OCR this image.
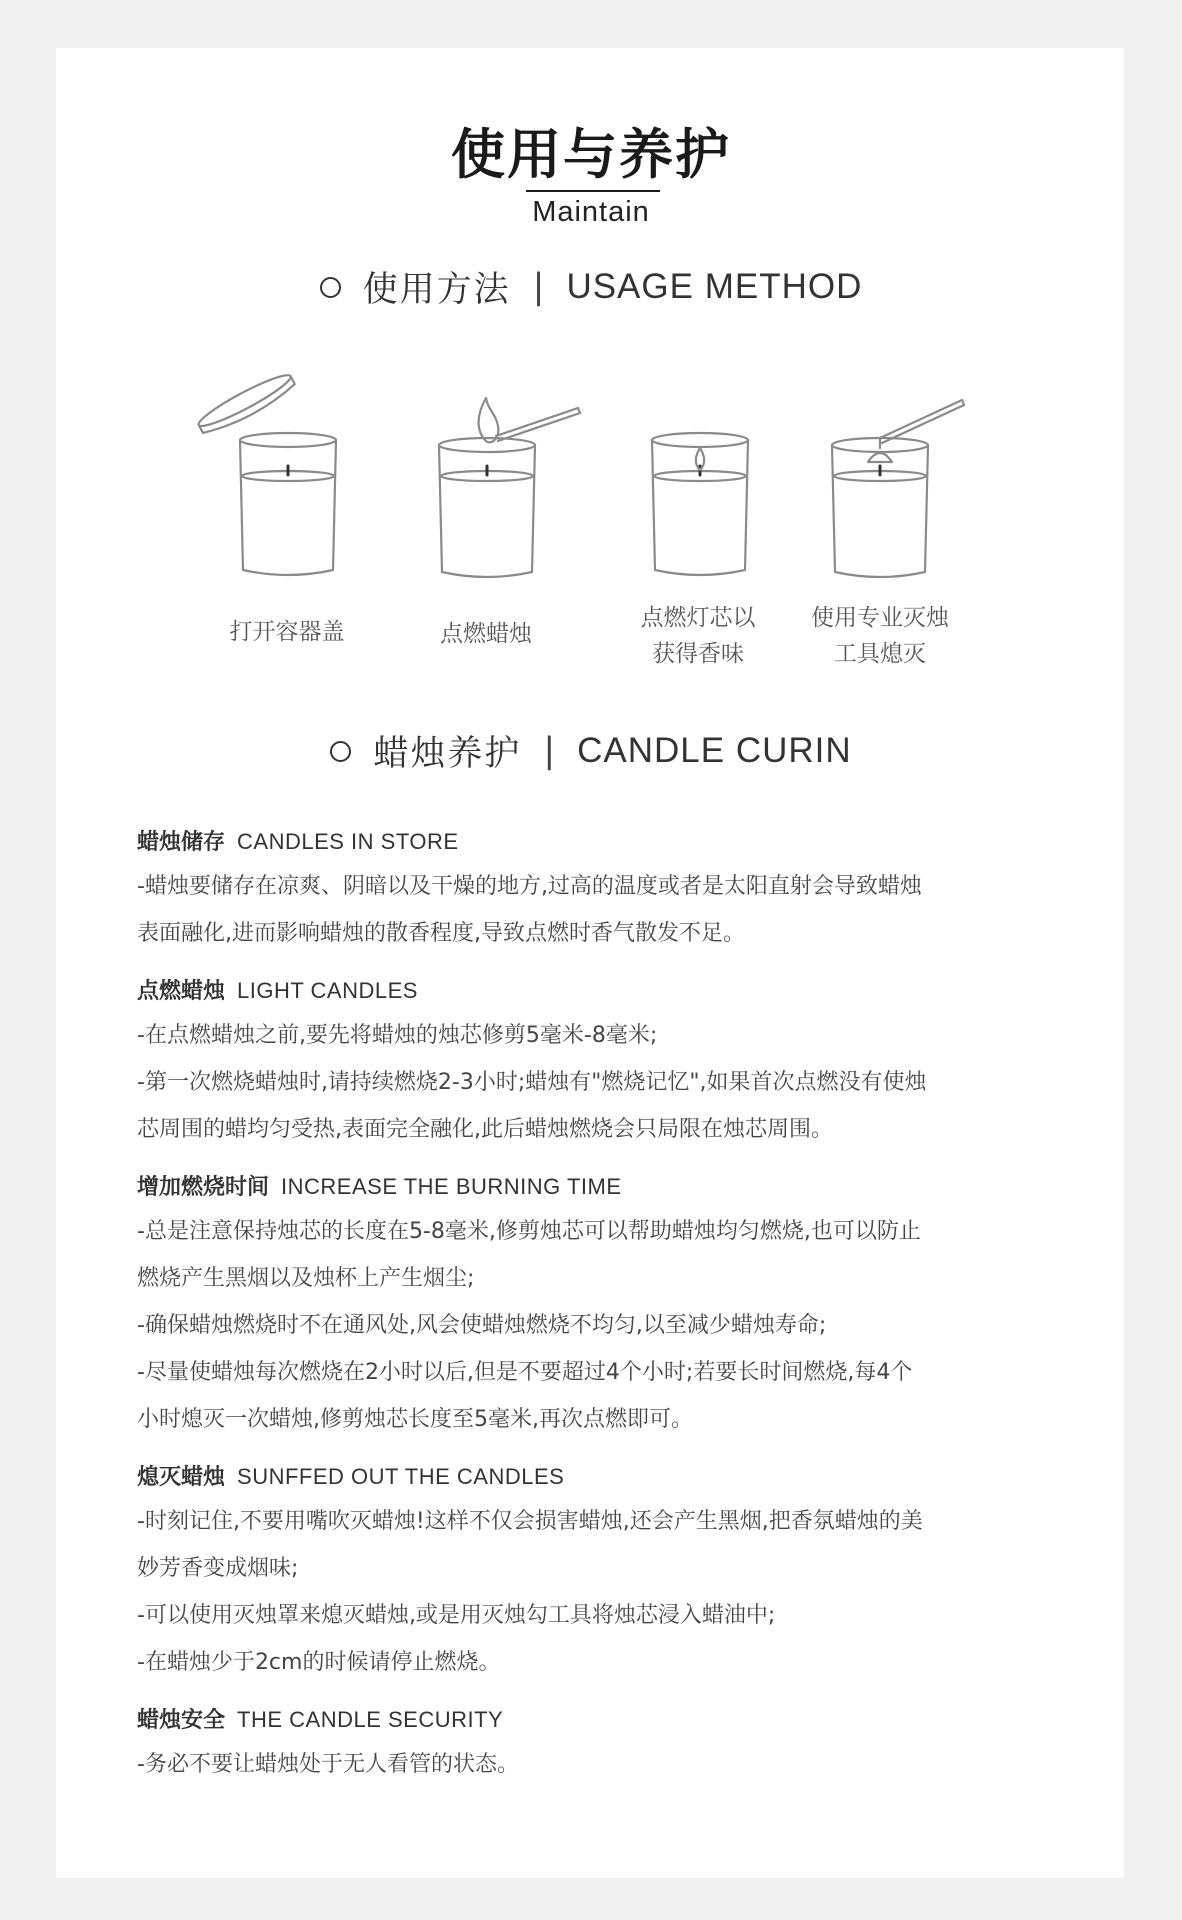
使用与养护
Maintain
使用方法 | USAGE METHOD
打开容器盖	点燃蜡烛
点燃灯芯以
获得香味
使用专业灭烛
工具熄灭
蜡烛养护 | CANDLE CURIN
蜡烛储存 CANDLES IN STORE
-蜡烛要储存在凉爽、阴暗以及干燥的地方,过高的温度或者是太阳直射会导致蜡烛
表面融化,进而影响蜡烛的散香程度,导致点燃时香气散发不足。
点燃蜡烛 LIGHT CANDLES
-在点燃蜡烛之前,要先将蜡烛的烛芯修剪5毫米-8毫米;
-第一次燃烧蜡烛时,请持续燃烧2-3小时;蜡烛有"燃烧记忆",如果首次点燃没有使烛
芯周围的蜡均匀受热,表面完全融化,此后蜡烛燃烧会只局限在烛芯周围。
增加燃烧时间 INCREASE THE BURNING TIME
-总是注意保持烛芯的长度在5-8毫米,修剪烛芯可以帮助蜡烛均匀燃烧,也可以防止
燃烧产生黑烟以及烛杯上产生烟尘;
-确保蜡烛燃烧时不在通风处,风会使蜡烛燃烧不均匀,以至减少蜡烛寿命;
-尽量使蜡烛每次燃烧在2小时以后,但是不要超过4个小时;若要长时间燃烧,每4个
小时熄灭一次蜡烛,修剪烛芯长度至5毫米,再次点燃即可。
熄灭蜡烛 SUNFFED OUT THE CANDLES
-时刻记住,不要用嘴吹灭蜡烛!这样不仅会损害蜡烛,还会产生黑烟,把香氛蜡烛的美
妙芳香变成烟味;
-可以使用灭烛罩来熄灭蜡烛,或是用灭烛勾工具将烛芯浸入蜡油中;
-在蜡烛少于2cm的时候请停止燃烧。
蜡烛安全 THE CANDLE SECURITY
-务必不要让蜡烛处于无人看管的状态。
